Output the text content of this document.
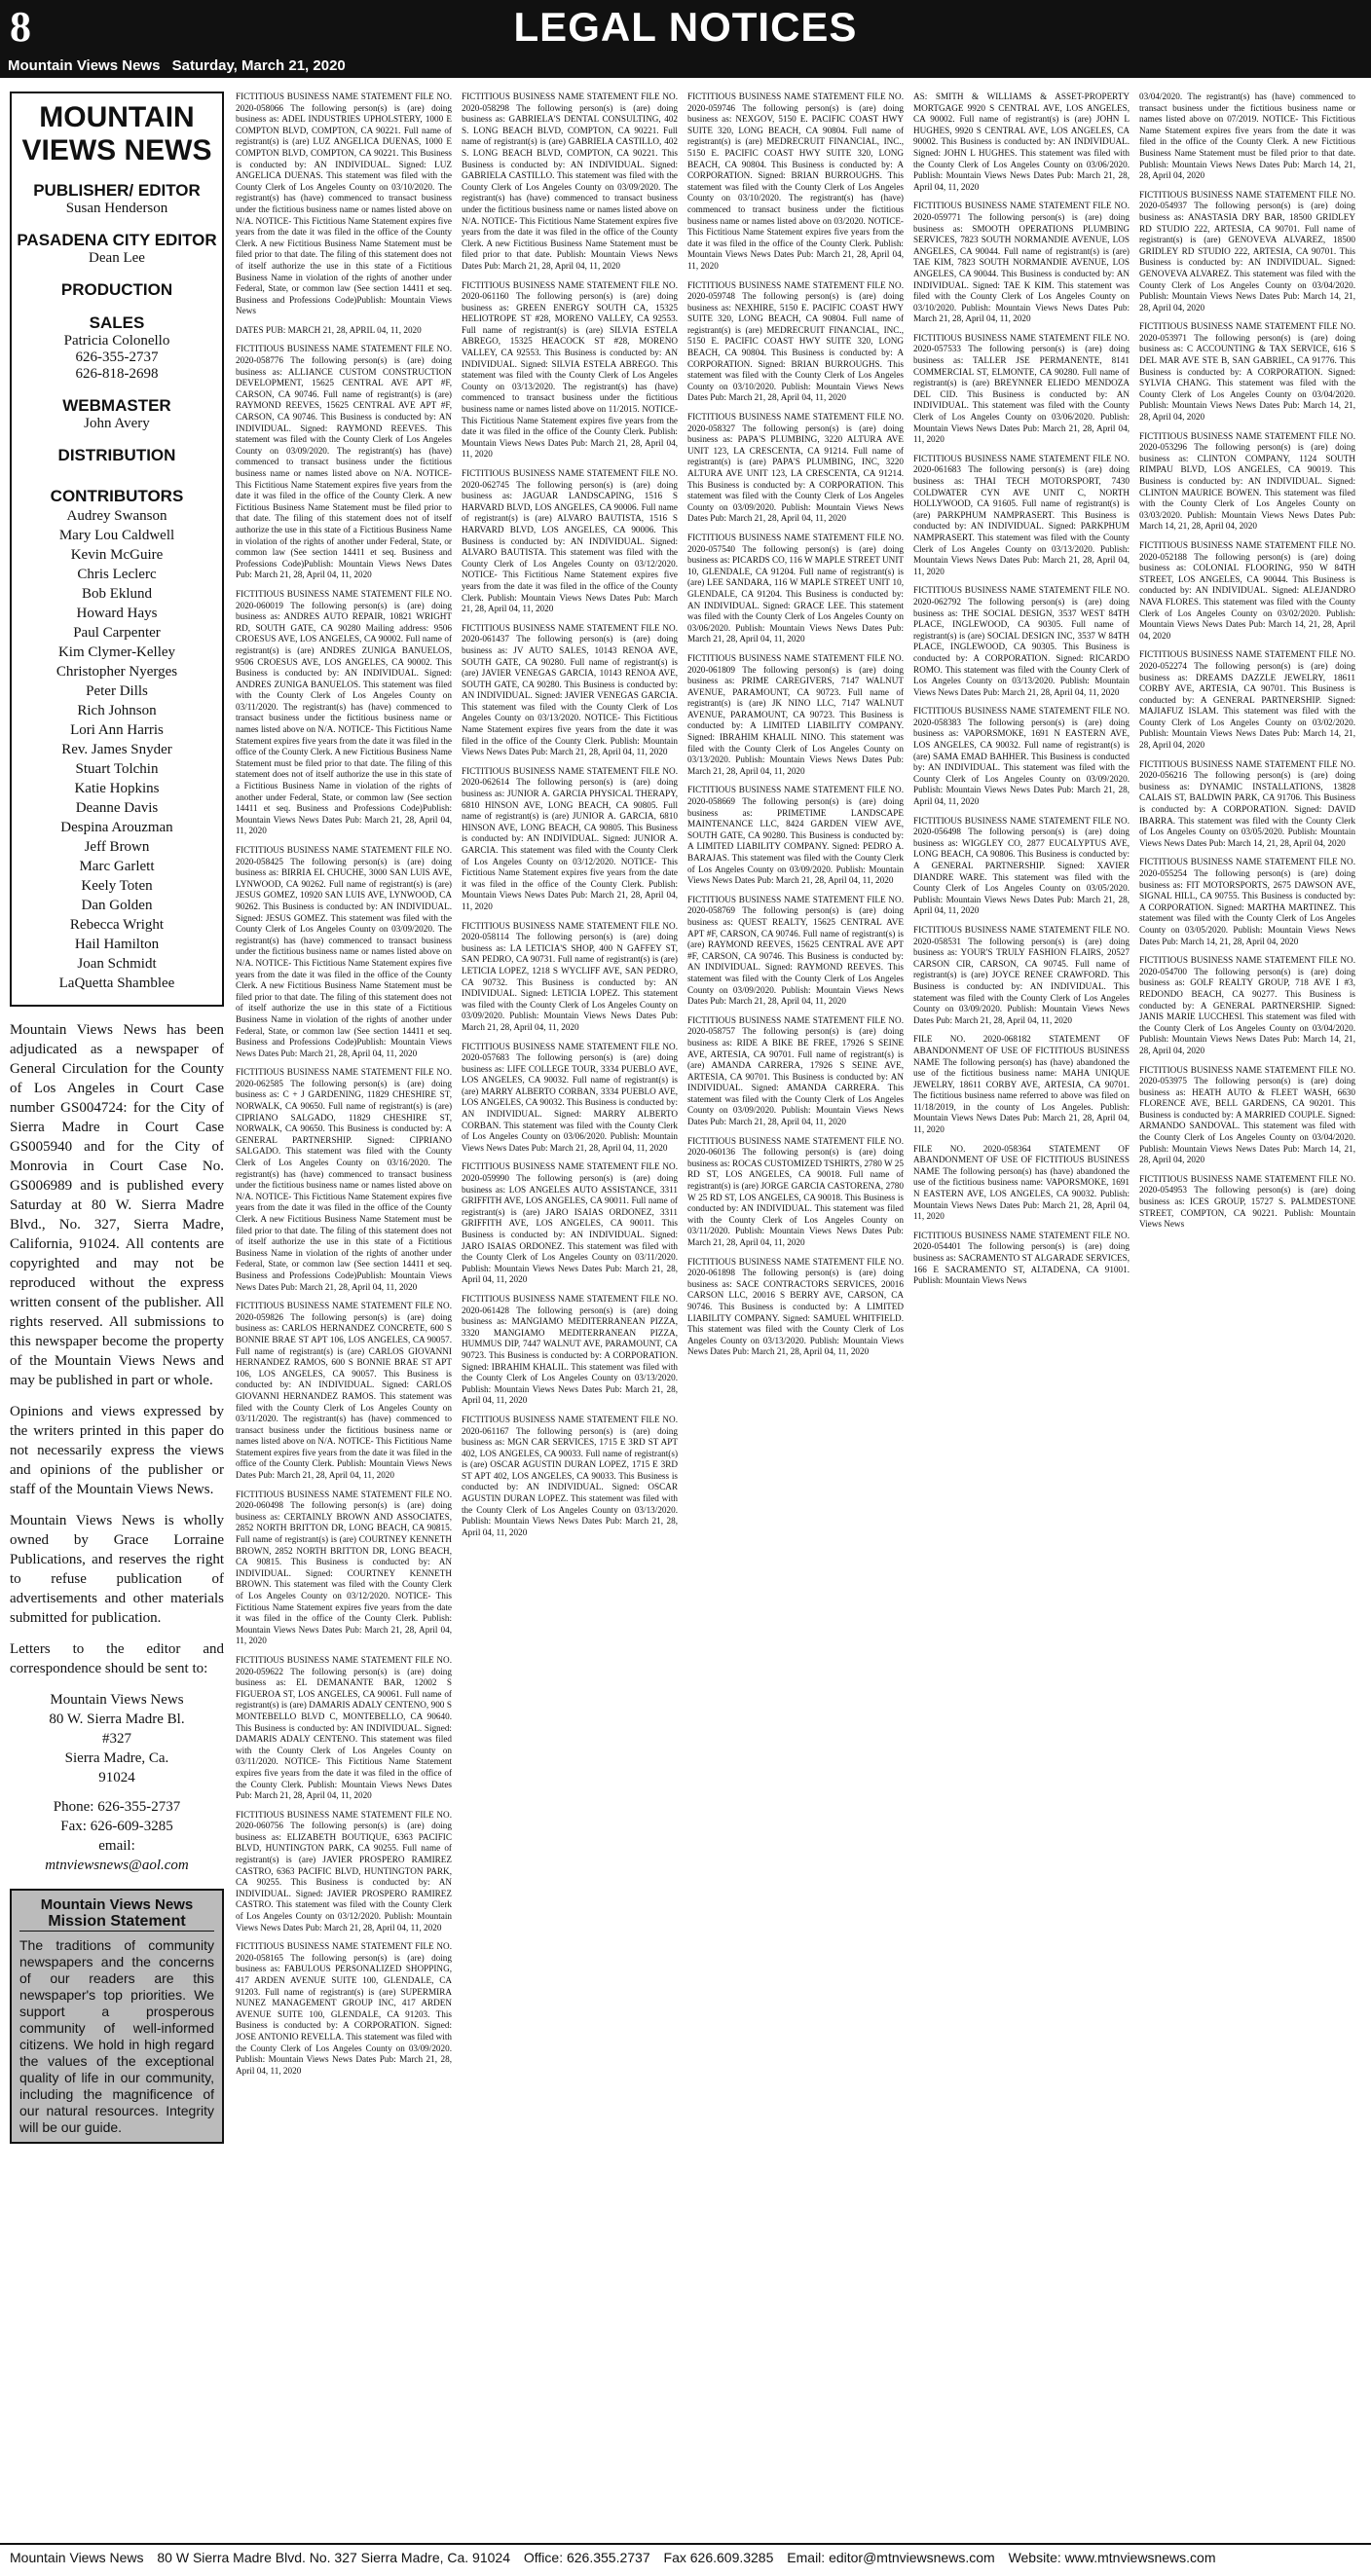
8	LEGAL NOTICES
Mountain Views News Saturday, March 21, 2020
MOUNTAIN VIEWS NEWS
PUBLISHER/ EDITOR
Susan Henderson
PASADENA CITY EDITOR
Dean Lee
PRODUCTION
SALES
Patricia Colonello
626-355-2737
626-818-2698
WEBMASTER
John Avery
DISTRIBUTION
CONTRIBUTORS
Audrey Swanson
Mary Lou Caldwell
Kevin McGuire
Chris Leclerc
Bob Eklund
Howard Hays
Paul Carpenter
Kim Clymer-Kelley
Christopher Nyerges
Peter Dills
Rich Johnson
Lori Ann Harris
Rev. James Snyder
Stuart Tolchin
Katie Hopkins
Deanne Davis
Despina Arouzman
Jeff Brown
Marc Garlett
Keely Toten
Dan Golden
Rebecca Wright
Hail Hamilton
Joan Schmidt
LaQuetta Shamblee

Mountain Views News has been adjudicated as a newspaper of General Circulation for the County of Los Angeles in Court Case number GS004724: for the City of Sierra Madre in Court Case GS005940 and for the City of Monrovia in Court Case No. GS006989 and is published every Saturday at 80 W. Sierra Madre Blvd., No. 327, Sierra Madre, California, 91024. All contents are copyrighted and may not be reproduced without the express written consent of the publisher. All rights reserved. All submissions to this newspaper become the property of the Mountain Views News and may be published in part or whole.

Opinions and views expressed by the writers printed in this paper do not necessarily express the views and opinions of the publisher or staff of the Mountain Views News.

Mountain Views News is wholly owned by Grace Lorraine Publications, and reserves the right to refuse publication of advertisements and other materials submitted for publication.

Letters to the editor and correspondence should be sent to:

Mountain Views News
80 W. Sierra Madre Bl.
#327
Sierra Madre, Ca.
91024
Phone: 626-355-2737
Fax: 626-609-3285
email:
mtnviewsnews@aol.com
Mountain Views News
Mission Statement
The traditions of community newspapers and the concerns of our readers are this newspaper's top priorities. We support a prosperous community of well-informed citizens. We hold in high regard the values of the exceptional quality of life in our community, including the magnificence of our natural resources. Integrity will be our guide.
FICTITIOUS BUSINESS NAME STATEMENT FILE NO. 2020-058066 The following person(s) is (are) doing business as: ADEL INDUSTRIES UPHOLSTERY, 1000 E COMPTON BLVD, COMPTON, CA 90221. Full name of registrant(s) is (are) LUZ ANGELICA DUENAS, 1000 E COMPTON BLVD, COMPTON, CA 90221. This Business is conducted by: AN INDIVIDUAL. Signed: LUZ ANGELICA DUENAS. This statement was filed with the County Clerk of Los Angeles County on 03/10/2020. The registrant(s) has (have) commenced to transact business under the fictitious business name or names listed above on N/A. NOTICE- This Fictitious Name Statement expires five years from the date it was filed in the office of the County Clerk. A new Fictitious Business Name Statement must be filed prior to that date. The filing of this statement does not of itself authorize the use in this state of a Fictitious Business Name in violation of the rights of another under Federal, State, or common law (See section 14411 et seq. Business and Professions Code)Publish: Mountain Views News
DATES PUB: MARCH 21, 28, APRIL 04, 11, 2020
FICTITIOUS BUSINESS NAME STATEMENT FILE NO. 2020-058776 The following person(s) is (are) doing business as: ALLIANCE CUSTOM CONSTRUCTION DEVELOPMENT, 15625 CENTRAL AVE APT #F, CARSON, CA 90746. Full name of registrant(s) is (are) RAYMOND REEVES, 15625 CENTRAL AVE APT #F, CARSON, CA 90746. This Business is conducted by: AN INDIVIDUAL. Signed: RAYMOND REEVES. This statement was filed with the County Clerk of Los Angeles County on 03/09/2020. The registrant(s) has (have) commenced to transact business under the fictitious business name or names listed above on N/A. NOTICE- This Fictitious Name Statement expires five years from the date it was filed in the office of the County Clerk. A new Fictitious Business Name Statement must be filed prior to that date. The filing of this statement does not of itself authorize the use in this state of a Fictitious Business Name in violation of the rights of another under Federal, State, or common law (See section 14411 et seq. Business and Professions Code)Publish: Mountain Views News Dates Pub: March 21, 28, April 04, 11, 2020
FICTITIOUS BUSINESS NAME STATEMENT FILE NO. 2020-060019 The following person(s) is (are) doing business as: ANDRES AUTO REPAIR, 10821 WRIGHT RD, SOUTH GATE, CA 90280 Mailing address: 9506 CROESUS AVE, LOS ANGELES, CA 90002. Full name of registrant(s) is (are) ANDRES ZUNIGA BANUELOS, 9506 CROESUS AVE, LOS ANGELES, CA 90002. This Business is conducted by: AN INDIVIDUAL. Signed: ANDRES ZUNIGA BANUELOS. This statement was filed with the County Clerk of Los Angeles County on 03/11/2020. The registrant(s) has (have) commenced to transact business under the fictitious business name or names listed above on N/A. NOTICE- This Fictitious Name Statement expires five years from the date it was filed in the office of the County Clerk. A new Fictitious Business Name Statement must be filed prior to that date. The filing of this statement does not of itself authorize the use in this state of a Fictitious Business Name in violation of the rights of another under Federal, State, or common law (See section 14411 et seq. Business and Professions Code)Publish: Mountain Views News Dates Pub: March 21, 28, April 04, 11, 2020
FICTITIOUS BUSINESS NAME STATEMENT FILE NO. 2020-058425 The following person(s) is (are) doing business as: BIRRIA EL CHUCHE, 3000 SAN LUIS AVE, LYNWOOD, CA 90262. Full name of registrant(s) is (are) JESUS GOMEZ, 10920 SAN LUIS AVE, LYNWOOD, CA 90262. This Business is conducted by: AN INDIVIDUAL. Signed: JESUS GOMEZ. This statement was filed with the County Clerk of Los Angeles County on 03/09/2020. The registrant(s) has (have) commenced to transact business under the fictitious business name or names listed above on N/A. NOTICE- This Fictitious Name Statement expires five years from the date it was filed in the office of the County Clerk. A new Fictitious Business Name Statement must be filed prior to that date. The filing of this statement does not of itself authorize the use in this state of a Fictitious Business Name in violation of the rights of another under Federal, State, or common law (See section 14411 et seq. Business and Professions Code)Publish: Mountain Views News Dates Pub: March 21, 28, April 04, 11, 2020
FICTITIOUS BUSINESS NAME STATEMENT FILE NO. 2020-062585 The following person(s) is (are) doing business as: C + J GARDENING, 11829 CHESHIRE ST, NORWALK, CA 90650. Full name of registrant(s) is (are) CIPRIANO SALGADO, 11829 CHESHIRE ST, NORWALK, CA 90650. This Business is conducted by: A GENERAL PARTNERSHIP. Signed: CIPRIANO SALGADO. This statement was filed with the County Clerk of Los Angeles County on 03/16/2020. The registrant(s) has (have) commenced to transact business under the fictitious business name or names listed above on N/A. NOTICE- This Fictitious Name Statement expires five years from the date it was filed in the office of the County Clerk. A new Fictitious Business Name Statement must be filed prior to that date. The filing of this statement does not of itself authorize the use in this state of a Fictitious Business Name in violation of the rights of another under Federal, State, or common law (See section 14411 et seq. Business and Professions Code)Publish: Mountain Views News Dates Pub: March 21, 28, April 04, 11, 2020
FICTITIOUS BUSINESS NAME STATEMENT FILE NO. 2020-059826 The following person(s) is (are) doing business as: CARLOS HERNANDEZ CONCRETE, 600 S BONNIE BRAE ST APT 106, LOS ANGELES, CA 90057. Full name of registrant(s) is (are) CARLOS GIOVANNI HERNANDEZ RAMOS, 600 S BONNIE BRAE ST APT 106, LOS ANGELES, CA 90057. This Business is conducted by: AN INDIVIDUAL. Signed: CARLOS GIOVANNI HERNANDEZ RAMOS. This statement was filed with the County Clerk of Los Angeles County on 03/11/2020. The registrant(s) has (have) commenced to transact business under the fictitious business name or names listed above on N/A. NOTICE- This Fictitious Name Statement expires five years from the date it was filed in the office of the County Clerk. Publish: Mountain Views News Dates Pub: March 21, 28, April 04, 11, 2020
FICTITIOUS BUSINESS NAME STATEMENT FILE NO. 2020-060498 The following person(s) is (are) doing business as: CERTAINLY BROWN AND ASSOCIATES, 2852 NORTH BRITTON DR, LONG BEACH, CA 90815. Full name of registrant(s) is (are) COURTNEY KENNETH BROWN, 2852 NORTH BRITTON DR, LONG BEACH, CA 90815. This Business is conducted by: AN INDIVIDUAL. Signed: COURTNEY KENNETH BROWN. This statement was filed with the County Clerk of Los Angeles County on 03/12/2020. NOTICE- This Fictitious Name Statement expires five years from the date it was filed in the office of the County Clerk. Publish: Mountain Views News Dates Pub: March 21, 28, April 04, 11, 2020
FICTITIOUS BUSINESS NAME STATEMENT FILE NO. 2020-059622 The following person(s) is (are) doing business as: EL DEMANANTE BAR, 12002 S FIGUEROA ST, LOS ANGELES, CA 90061. Full name of registrant(s) is (are) DAMARIS ADALY CENTENO, 900 S MONTEBELLO BLVD C, MONTEBELLO, CA 90640. This Business is conducted by: AN INDIVIDUAL. Signed: DAMARIS ADALY CENTENO. This statement was filed with the County Clerk of Los Angeles County on 03/11/2020. NOTICE- This Fictitious Name Statement expires five years from the date it was filed in the office of the County Clerk. Publish: Mountain Views News Dates Pub: March 21, 28, April 04, 11, 2020
FICTITIOUS BUSINESS NAME STATEMENT FILE NO. 2020-060756 The following person(s) is (are) doing business as: ELIZABETH BOUTIQUE, 6363 PACIFIC BLVD, HUNTINGTON PARK, CA 90255. Full name of registrant(s) is (are) JAVIER PROSPERO RAMIREZ CASTRO, 6363 PACIFIC BLVD, HUNTINGTON PARK, CA 90255. This Business is conducted by: AN INDIVIDUAL. Signed: JAVIER PROSPERO RAMIREZ CASTRO. This statement was filed with the County Clerk of Los Angeles County on 03/12/2020. Publish: Mountain Views News Dates Pub: March 21, 28, April 04, 11, 2020
FICTITIOUS BUSINESS NAME STATEMENT FILE NO. 2020-058165 The following person(s) is (are) doing business as: FABULOUS PERSONALIZED SHOPPING, 417 ARDEN AVENUE SUITE 100, GLENDALE, CA 91203. Full name of registrant(s) is (are) SUPERMIRA NUNEZ MANAGEMENT GROUP INC, 417 ARDEN AVENUE SUITE 100, GLENDALE, CA 91203. This Business is conducted by: A CORPORATION. Signed: JOSE ANTONIO REVELLA. This statement was filed with the County Clerk of Los Angeles County on 03/09/2020. Publish: Mountain Views News Dates Pub: March 21, 28, April 04, 11, 2020
FICTITIOUS BUSINESS NAME STATEMENT FILE NO. 2020-058298 The following person(s) is (are) doing business as: GABRIELA'S DENTAL CONSULTING, 402 S. LONG BEACH BLVD, COMPTON, CA 90221. Full name of registrant(s) is (are) GABRIELA CASTILLO, 402 S. LONG BEACH BLVD, COMPTON, CA 90221. This Business is conducted by: AN INDIVIDUAL. Signed: GABRIELA CASTILLO. This statement was filed with the County Clerk of Los Angeles County on 03/09/2020. The registrant(s) has (have) commenced to transact business under the fictitious business name or names listed above on N/A. NOTICE- This Fictitious Name Statement expires five years from the date it was filed in the office of the County Clerk. A new Fictitious Business Name Statement must be filed prior to that date. Publish: Mountain Views News Dates Pub: March 21, 28, April 04, 11, 2020
FICTITIOUS BUSINESS NAME STATEMENT FILE NO. 2020-061160 The following person(s) is (are) doing business as: GREEN ENERGY SOUTH CA, 15325 HELIOTROPE ST #28, MORENO VALLEY, CA 92553. Full name of registrant(s) is (are) SILVIA ESTELA ABREGO, 15325 HEACOCK ST #28, MORENO VALLEY, CA 92553. This Business is conducted by: AN INDIVIDUAL. Signed: SILVIA ESTELA ABREGO. This statement was filed with the County Clerk of Los Angeles County on 03/13/2020. The registrant(s) has (have) commenced to transact business under the fictitious business name or names listed above on 11/2015. NOTICE- This Fictitious Name Statement expires five years from the date it was filed in the office of the County Clerk. Publish: Mountain Views News Dates Pub: March 21, 28, April 04, 11, 2020
FICTITIOUS BUSINESS NAME STATEMENT FILE NO. 2020-062745 The following person(s) is (are) doing business as: JAGUAR LANDSCAPING, 1516 S HARVARD BLVD, LOS ANGELES, CA 90006. Full name of registrant(s) is (are) ALVARO BAUTISTA, 1516 S HARVARD BLVD, LOS ANGELES, CA 90006. This Business is conducted by: AN INDIVIDUAL. Signed: ALVARO BAUTISTA. This statement was filed with the County Clerk of Los Angeles County on 03/12/2020. NOTICE- This Fictitious Name Statement expires five years from the date it was filed in the office of the County Clerk. Publish: Mountain Views News Dates Pub: March 21, 28, April 04, 11, 2020
FICTITIOUS BUSINESS NAME STATEMENT FILE NO. 2020-061437 The following person(s) is (are) doing business as: JV AUTO SALES, 10143 RENOA AVE, SOUTH GATE, CA 90280. Full name of registrant(s) is (are) JAVIER VENEGAS GARCIA, 10143 RENOA AVE, SOUTH GATE, CA 90280. This Business is conducted by: AN INDIVIDUAL. Signed: JAVIER VENEGAS GARCIA. This statement was filed with the County Clerk of Los Angeles County on 03/13/2020. NOTICE- This Fictitious Name Statement expires five years from the date it was filed in the office of the County Clerk. Publish: Mountain Views News Dates Pub: March 21, 28, April 04, 11, 2020
FICTITIOUS BUSINESS NAME STATEMENT FILE NO. 2020-062614 The following person(s) is (are) doing business as: JUNIOR A. GARCIA PHYSICAL THERAPY, 6810 HINSON AVE, LONG BEACH, CA 90805. Full name of registrant(s) is (are) JUNIOR A. GARCIA, 6810 HINSON AVE, LONG BEACH, CA 90805. This Business is conducted by: AN INDIVIDUAL. Signed: JUNIOR A. GARCIA. This statement was filed with the County Clerk of Los Angeles County on 03/12/2020. NOTICE- This Fictitious Name Statement expires five years from the date it was filed in the office of the County Clerk. Publish: Mountain Views News Dates Pub: March 21, 28, April 04, 11, 2020
FICTITIOUS BUSINESS NAME STATEMENT FILE NO. 2020-058114 The following person(s) is (are) doing business as: LA LETICIA'S SHOP, 400 N GAFFEY ST, SAN PEDRO, CA 90731. Full name of registrant(s) is (are) LETICIA LOPEZ, 1218 S WYCLIFF AVE, SAN PEDRO, CA 90732. This Business is conducted by: AN INDIVIDUAL. Signed: LETICIA LOPEZ. This statement was filed with the County Clerk of Los Angeles County on 03/09/2020. Publish: Mountain Views News Dates Pub: March 21, 28, April 04, 11, 2020
FICTITIOUS BUSINESS NAME STATEMENT FILE NO. 2020-057683 The following person(s) is (are) doing business as: LIFE COLLEGE TOUR, 3334 PUEBLO AVE, LOS ANGELES, CA 90032. Full name of registrant(s) is (are) MARRY ALBERTO CORBAN, 3334 PUEBLO AVE, LOS ANGELES, CA 90032. This Business is conducted by: AN INDIVIDUAL. Signed: MARRY ALBERTO CORBAN. This statement was filed with the County Clerk of Los Angeles County on 03/06/2020. Publish: Mountain Views News Dates Pub: March 21, 28, April 04, 11, 2020
FICTITIOUS BUSINESS NAME STATEMENT FILE NO. 2020-059990 The following person(s) is (are) doing business as: LOS ANGELES AUTO ASSISTANCE, 3311 GRIFFITH AVE, LOS ANGELES, CA 90011. Full name of registrant(s) is (are) JARO ISAIAS ORDONEZ, 3311 GRIFFITH AVE, LOS ANGELES, CA 90011. This Business is conducted by: AN INDIVIDUAL. Signed: JARO ISAIAS ORDONEZ. This statement was filed with the County Clerk of Los Angeles County on 03/11/2020. Publish: Mountain Views News Dates Pub: March 21, 28, April 04, 11, 2020
FICTITIOUS BUSINESS NAME STATEMENT FILE NO. 2020-061428 The following person(s) is (are) doing business as: MANGIAMO MEDITERRANEAN PIZZA, 3320 MANGIAMO MEDITERRANEAN PIZZA, HUMMUS DIP, 7447 WALNUT AVE, PARAMOUNT, CA 90723. This Business is conducted by: A CORPORATION. Signed: IBRAHIM KHALIL. This statement was filed with the County Clerk of Los Angeles County on 03/13/2020. Publish: Mountain Views News Dates Pub: March 21, 28, April 04, 11, 2020
FICTITIOUS BUSINESS NAME STATEMENT FILE NO. 2020-061167 The following person(s) is (are) doing business as: MGN CAR SERVICES, 1715 E 3RD ST APT 402, LOS ANGELES, CA 90033. Full name of registrant(s) is (are) OSCAR AGUSTIN DURAN LOPEZ, 1715 E 3RD ST APT 402, LOS ANGELES, CA 90033. This Business is conducted by: AN INDIVIDUAL. Signed: OSCAR AGUSTIN DURAN LOPEZ. This statement was filed with the County Clerk of Los Angeles County on 03/13/2020. Publish: Mountain Views News Dates Pub: March 21, 28, April 04, 11, 2020
FICTITIOUS BUSINESS NAME STATEMENT FILE NO. 2020-059746 The following person(s) is (are) doing business as: NEXGOV, 5150 E. PACIFIC COAST HWY SUITE 320, LONG BEACH, CA 90804. Full name of registrant(s) is (are) MEDRECRUIT FINANCIAL, INC., 5150 E. PACIFIC COAST HWY SUITE 320, LONG BEACH, CA 90804. This Business is conducted by: A CORPORATION. Signed: BRIAN BURROUGHS. This statement was filed with the County Clerk of Los Angeles County on 03/10/2020. The registrant(s) has (have) commenced to transact business under the fictitious business name or names listed above on 03/2020. NOTICE- This Fictitious Name Statement expires five years from the date it was filed in the office of the County Clerk. Publish: Mountain Views News Dates Pub: March 21, 28, April 04, 11, 2020
FICTITIOUS BUSINESS NAME STATEMENT FILE NO. 2020-059748 The following person(s) is (are) doing business as: NEXHIRE, 5150 E. PACIFIC COAST HWY SUITE 320, LONG BEACH, CA 90804. Full name of registrant(s) is (are) MEDRECRUIT FINANCIAL, INC., 5150 E. PACIFIC COAST HWY SUITE 320, LONG BEACH, CA 90804. This Business is conducted by: A CORPORATION. Signed: BRIAN BURROUGHS. This statement was filed with the County Clerk of Los Angeles County on 03/10/2020. Publish: Mountain Views News Dates Pub: March 21, 28, April 04, 11, 2020
FICTITIOUS BUSINESS NAME STATEMENT FILE NO. 2020-058327 The following person(s) is (are) doing business as: PAPA'S PLUMBING, 3220 ALTURA AVE UNIT 123, LA CRESCENTA, CA 91214. Full name of registrant(s) is (are) PAPA'S PLUMBING, INC, 3220 ALTURA AVE UNIT 123, LA CRESCENTA, CA 91214. This Business is conducted by: A CORPORATION. This statement was filed with the County Clerk of Los Angeles County on 03/09/2020. Publish: Mountain Views News Dates Pub: March 21, 28, April 04, 11, 2020
FICTITIOUS BUSINESS NAME STATEMENT FILE NO. 2020-057540 The following person(s) is (are) doing business as: PICARDS CO, 116 W MAPLE STREET UNIT 10, GLENDALE, CA 91204. Full name of registrant(s) is (are) LEE SANDARA, 116 W MAPLE STREET UNIT 10, GLENDALE, CA 91204. This Business is conducted by: AN INDIVIDUAL. Signed: GRACE LEE. This statement was filed with the County Clerk of Los Angeles County on 03/06/2020. Publish: Mountain Views News Dates Pub: March 21, 28, April 04, 11, 2020
FICTITIOUS BUSINESS NAME STATEMENT FILE NO. 2020-061809 The following person(s) is (are) doing business as: PRIME CAREGIVERS, 7147 WALNUT AVENUE, PARAMOUNT, CA 90723. Full name of registrant(s) is (are) JK NINO LLC, 7147 WALNUT AVENUE, PARAMOUNT, CA 90723. This Business is conducted by: A LIMITED LIABILITY COMPANY. Signed: IBRAHIM KHALIL NINO. This statement was filed with the County Clerk of Los Angeles County on 03/13/2020. Publish: Mountain Views News Dates Pub: March 21, 28, April 04, 11, 2020
FICTITIOUS BUSINESS NAME STATEMENT FILE NO. 2020-058669 The following person(s) is (are) doing business as: PRIMETIME LANDSCAPE MAINTENANCE LLC, 8424 GARDEN VIEW AVE, SOUTH GATE, CA 90280. This Business is conducted by: A LIMITED LIABILITY COMPANY. Signed: PEDRO A. BARAJAS. This statement was filed with the County Clerk of Los Angeles County on 03/09/2020. Publish: Mountain Views News Dates Pub: March 21, 28, April 04, 11, 2020
FICTITIOUS BUSINESS NAME STATEMENT FILE NO. 2020-058769 The following person(s) is (are) doing business as: QUEST REALTY, 15625 CENTRAL AVE APT #F, CARSON, CA 90746. Full name of registrant(s) is (are) RAYMOND REEVES, 15625 CENTRAL AVE APT #F, CARSON, CA 90746. This Business is conducted by: AN INDIVIDUAL. Signed: RAYMOND REEVES. This statement was filed with the County Clerk of Los Angeles County on 03/09/2020. Publish: Mountain Views News Dates Pub: March 21, 28, April 04, 11, 2020
FICTITIOUS BUSINESS NAME STATEMENT FILE NO. 2020-058757 The following person(s) is (are) doing business as: RIDE A BIKE BE FREE, 17926 S SEINE AVE, ARTESIA, CA 90701. Full name of registrant(s) is (are) AMANDA CARRERA, 17926 S SEINE AVE, ARTESIA, CA 90701. This Business is conducted by: AN INDIVIDUAL. Signed: AMANDA CARRERA. This statement was filed with the County Clerk of Los Angeles County on 03/09/2020. Publish: Mountain Views News Dates Pub: March 21, 28, April 04, 11, 2020
FICTITIOUS BUSINESS NAME STATEMENT FILE NO. 2020-060136 The following person(s) is (are) doing business as: ROCAS CUSTOMIZED TSHIRTS, 2780 W 25 RD ST, LOS ANGELES, CA 90018. Full name of registrant(s) is (are) JORGE GARCIA CASTORENA, 2780 W 25 RD ST, LOS ANGELES, CA 90018. This Business is conducted by: AN INDIVIDUAL. This statement was filed with the County Clerk of Los Angeles County on 03/11/2020. Publish: Mountain Views News Dates Pub: March 21, 28, April 04, 11, 2020
FICTITIOUS BUSINESS NAME STATEMENT FILE NO. 2020-061898 The following person(s) is (are) doing business as: SACE CONTRACTORS SERVICES, 20016 CARSON LLC, 20016 S BERRY AVE, CARSON, CA 90746. This Business is conducted by: A LIMITED LIABILITY COMPANY. Signed: SAMUEL WHITFIELD. This statement was filed with the County Clerk of Los Angeles County on 03/13/2020. Publish: Mountain Views News Dates Pub: March 21, 28, April 04, 11, 2020
AS: SMITH & WILLIAMS & ASSET-PROPERTY MORTGAGE 9920 S CENTRAL AVE, LOS ANGELES, CA 90002. Full name of registrant(s) is (are) JOHN L HUGHES, 9920 S CENTRAL AVE, LOS ANGELES, CA 90002. This Business is conducted by: AN INDIVIDUAL. Signed: JOHN L HUGHES. This statement was filed with the County Clerk of Los Angeles County on 03/06/2020. Publish: Mountain Views News Dates Pub: March 21, 28, April 04, 11, 2020
FICTITIOUS BUSINESS NAME STATEMENT FILE NO. 2020-059771 The following person(s) is (are) doing business as: SMOOTH OPERATIONS PLUMBING SERVICES, 7823 SOUTH NORMANDIE AVENUE, LOS ANGELES, CA 90044. Full name of registrant(s) is (are) TAE KIM, 7823 SOUTH NORMANDIE AVENUE, LOS ANGELES, CA 90044. This Business is conducted by: AN INDIVIDUAL. Signed: TAE K KIM. This statement was filed with the County Clerk of Los Angeles County on 03/10/2020. Publish: Mountain Views News Dates Pub: March 21, 28, April 04, 11, 2020
FICTITIOUS BUSINESS NAME STATEMENT FILE NO. 2020-057533 The following person(s) is (are) doing business as: TALLER JSE PERMANENTE, 8141 COMMERCIAL ST, ELMONTE, CA 90280. Full name of registrant(s) is (are) BREYNNER ELIEDO MENDOZA DEL CID. This Business is conducted by: AN INDIVIDUAL. This statement was filed with the County Clerk of Los Angeles County on 03/06/2020. Publish: Mountain Views News Dates Pub: March 21, 28, April 04, 11, 2020
FICTITIOUS BUSINESS NAME STATEMENT FILE NO. 2020-061683 The following person(s) is (are) doing business as: THAI TECH MOTORSPORT, 7430 COLDWATER CYN AVE UNIT C, NORTH HOLLYWOOD, CA 91605. Full name of registrant(s) is (are) PARKPHUM NAMPRASERT. This Business is conducted by: AN INDIVIDUAL. Signed: PARKPHUM NAMPRASERT. This statement was filed with the County Clerk of Los Angeles County on 03/13/2020. Publish: Mountain Views News Dates Pub: March 21, 28, April 04, 11, 2020
FICTITIOUS BUSINESS NAME STATEMENT FILE NO. 2020-062792 The following person(s) is (are) doing business as: THE SOCIAL DESIGN, 3537 WEST 84TH PLACE, INGLEWOOD, CA 90305. Full name of registrant(s) is (are) SOCIAL DESIGN INC, 3537 W 84TH PLACE, INGLEWOOD, CA 90305. This Business is conducted by: A CORPORATION. Signed: RICARDO ROMO. This statement was filed with the County Clerk of Los Angeles County on 03/13/2020. Publish: Mountain Views News Dates Pub: March 21, 28, April 04, 11, 2020
FICTITIOUS BUSINESS NAME STATEMENT FILE NO. 2020-058383 The following person(s) is (are) doing business as: VAPORSMOKE, 1691 N EASTERN AVE, LOS ANGELES, CA 90032. Full name of registrant(s) is (are) SAMA EMAD BAHHER. This Business is conducted by: AN INDIVIDUAL. This statement was filed with the County Clerk of Los Angeles County on 03/09/2020. Publish: Mountain Views News Dates Pub: March 21, 28, April 04, 11, 2020
FICTITIOUS BUSINESS NAME STATEMENT FILE NO. 2020-056498 The following person(s) is (are) doing business as: WIGGLEY CO, 2877 EUCALYPTUS AVE, LONG BEACH, CA 90806. This Business is conducted by: A GENERAL PARTNERSHIP. Signed: XAVIER DIANDRE WARE. This statement was filed with the County Clerk of Los Angeles County on 03/05/2020. Publish: Mountain Views News Dates Pub: March 21, 28, April 04, 11, 2020
FICTITIOUS BUSINESS NAME STATEMENT FILE NO. 2020-058531 The following person(s) is (are) doing business as: YOUR'S TRULY FASHION FLAIRS, 20527 CARSON CIR, CARSON, CA 90745. Full name of registrant(s) is (are) JOYCE RENEE CRAWFORD. This Business is conducted by: AN INDIVIDUAL. This statement was filed with the County Clerk of Los Angeles County on 03/09/2020. Publish: Mountain Views News Dates Pub: March 21, 28, April 04, 11, 2020
FILE NO. 2020-068182 STATEMENT OF ABANDONMENT OF USE OF FICTITIOUS BUSINESS NAME The following person(s) has (have) abandoned the use of the fictitious business name: MAHA UNIQUE JEWELRY, 18611 CORBY AVE, ARTESIA, CA 90701. The fictitious business name referred to above was filed on 11/18/2019, in the county of Los Angeles. Publish: Mountain Views News Dates Pub: March 21, 28, April 04, 11, 2020
FILE NO. 2020-058364 STATEMENT OF ABANDONMENT OF USE OF FICTITIOUS BUSINESS NAME The following person(s) has (have) abandoned the use of the fictitious business name: VAPORSMOKE, 1691 N EASTERN AVE, LOS ANGELES, CA 90032. Publish: Mountain Views News Dates Pub: March 21, 28, April 04, 11, 2020
FICTITIOUS BUSINESS NAME STATEMENT FILE NO. 2020-054401 The following person(s) is (are) doing business as: SACRAMENTO ST ALGARADE SERVICES, 166 E SACRAMENTO ST, ALTADENA, CA 91001. Publish: Mountain Views News
03/04/2020. The registrant(s) has (have) commenced to transact business under the fictitious business name or names listed above on 07/2019. NOTICE- This Fictitious Name Statement expires five years from the date it was filed in the office of the County Clerk. A new Fictitious Business Name Statement must be filed prior to that date. Publish: Mountain Views News Dates Pub: March 14, 21, 28, April 04, 2020
FICTITIOUS BUSINESS NAME STATEMENT FILE NO. 2020-054937 The following person(s) is (are) doing business as: ANASTASIA DRY BAR, 18500 GRIDLEY RD STUDIO 222, ARTESIA, CA 90701. Full name of registrant(s) is (are) GENOVEVA ALVAREZ, 18500 GRIDLEY RD STUDIO 222, ARTESIA, CA 90701. This Business is conducted by: AN INDIVIDUAL. Signed: GENOVEVA ALVAREZ. This statement was filed with the County Clerk of Los Angeles County on 03/04/2020. Publish: Mountain Views News Dates Pub: March 14, 21, 28, April 04, 2020
FICTITIOUS BUSINESS NAME STATEMENT FILE NO. 2020-053971 The following person(s) is (are) doing business as: C ACCOUNTING & TAX SERVICE, 616 S DEL MAR AVE STE B, SAN GABRIEL, CA 91776. This Business is conducted by: A CORPORATION. Signed: SYLVIA CHANG. This statement was filed with the County Clerk of Los Angeles County on 03/04/2020. Publish: Mountain Views News Dates Pub: March 14, 21, 28, April 04, 2020
FICTITIOUS BUSINESS NAME STATEMENT FILE NO. 2020-053296 The following person(s) is (are) doing business as: CLINTON COMPANY, 1124 SOUTH RIMPAU BLVD, LOS ANGELES, CA 90019. This Business is conducted by: AN INDIVIDUAL. Signed: CLINTON MAURICE BOWEN. This statement was filed with the County Clerk of Los Angeles County on 03/03/2020. Publish: Mountain Views News Dates Pub: March 14, 21, 28, April 04, 2020
FICTITIOUS BUSINESS NAME STATEMENT FILE NO. 2020-052188 The following person(s) is (are) doing business as: COLONIAL FLOORING, 950 W 84TH STREET, LOS ANGELES, CA 90044. This Business is conducted by: AN INDIVIDUAL. Signed: ALEJANDRO NAVA FLORES. This statement was filed with the County Clerk of Los Angeles County on 03/02/2020. Publish: Mountain Views News Dates Pub: March 14, 21, 28, April 04, 2020
FICTITIOUS BUSINESS NAME STATEMENT FILE NO. 2020-052274 The following person(s) is (are) doing business as: DREAMS DAZZLE JEWELRY, 18611 CORBY AVE, ARTESIA, CA 90701. This Business is conducted by: A GENERAL PARTNERSHIP. Signed: MAJIAFUZ ISLAM. This statement was filed with the County Clerk of Los Angeles County on 03/02/2020. Publish: Mountain Views News Dates Pub: March 14, 21, 28, April 04, 2020
FICTITIOUS BUSINESS NAME STATEMENT FILE NO. 2020-056216 The following person(s) is (are) doing business as: DYNAMIC INSTALLATIONS, 13828 CALAIS ST, BALDWIN PARK, CA 91706. This Business is conducted by: A CORPORATION. Signed: DAVID IBARRA. This statement was filed with the County Clerk of Los Angeles County on 03/05/2020. Publish: Mountain Views News Dates Pub: March 14, 21, 28, April 04, 2020
FICTITIOUS BUSINESS NAME STATEMENT FILE NO. 2020-055254 The following person(s) is (are) doing business as: FIT MOTORSPORTS, 2675 DAWSON AVE, SIGNAL HILL, CA 90755. This Business is conducted by: A CORPORATION. Signed: MARTHA MARTINEZ. This statement was filed with the County Clerk of Los Angeles County on 03/05/2020. Publish: Mountain Views News Dates Pub: March 14, 21, 28, April 04, 2020
FICTITIOUS BUSINESS NAME STATEMENT FILE NO. 2020-054700 The following person(s) is (are) doing business as: GOLF REALTY GROUP, 718 AVE I #3, REDONDO BEACH, CA 90277. This Business is conducted by: A GENERAL PARTNERSHIP. Signed: JANIS MARIE LUCCHESI. This statement was filed with the County Clerk of Los Angeles County on 03/04/2020. Publish: Mountain Views News Dates Pub: March 14, 21, 28, April 04, 2020
FICTITIOUS BUSINESS NAME STATEMENT FILE NO. 2020-053975 The following person(s) is (are) doing business as: HEATH AUTO & FLEET WASH, 6630 FLORENCE AVE, BELL GARDENS, CA 90201. This Business is conducted by: A MARRIED COUPLE. Signed: ARMANDO SANDOVAL. This statement was filed with the County Clerk of Los Angeles County on 03/04/2020. Publish: Mountain Views News Dates Pub: March 14, 21, 28, April 04, 2020
FICTITIOUS BUSINESS NAME STATEMENT FILE NO. 2020-054953 The following person(s) is (are) doing business as: ICES GROUP, 15727 S. PALMDESTONE STREET, COMPTON, CA 90221. Publish: Mountain Views News
Mountain Views News 80 W Sierra Madre Blvd. No. 327 Sierra Madre, Ca. 91024 Office: 626.355.2737 Fax 626.609.3285 Email: editor@mtnviewsnews.com Website: www.mtnviewsnews.com
